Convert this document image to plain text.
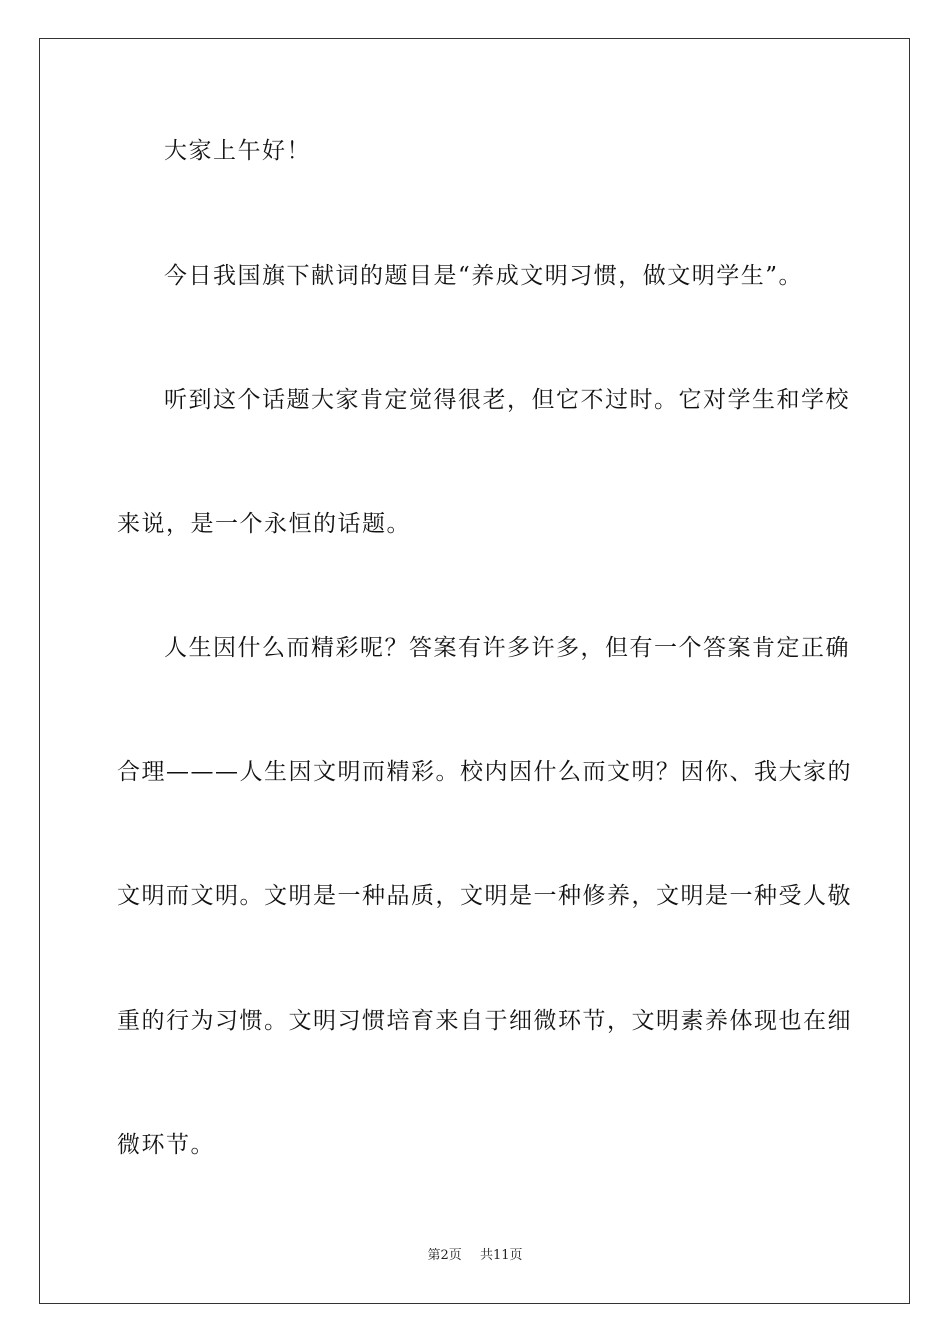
大家上午好！
今日我国旗下献词的题目是“养成文明习惯，做文明学生”。
听到这个话题大家肯定觉得很老，但它不过时。它对学生和学校
来说，是一个永恒的话题。
人生因什么而精彩呢？答案有许多许多，但有一个答案肯定正确
合理———人生因文明而精彩。校内因什么而文明？因你、我大家的
文明而文明。文明是一种品质，文明是一种修养，文明是一种受人敬
重的行为习惯。文明习惯培育来自于细微环节，文明素养体现也在细
微环节。
第2页 共11页
